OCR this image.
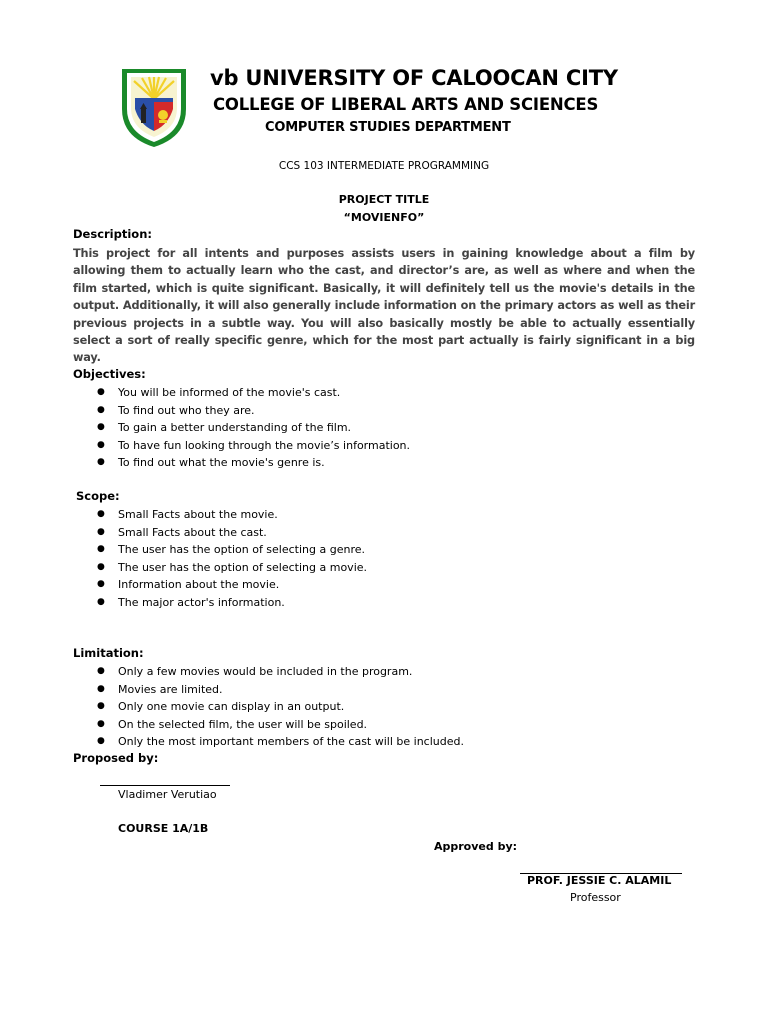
vb UNIVERSITY OF CALOOCAN CITY
COLLEGE OF LIBERAL ARTS AND SCIENCES
COMPUTER STUDIES DEPARTMENT
CCS 103 INTERMEDIATE PROGRAMMING
PROJECT TITLE
“MOVIENFO”
Description:

This project for all intents and purposes assists users in gaining knowledge about a film by allowing them to actually learn who the cast, and director’s are, as well as where and when the film started, which is quite significant. Basically, it will definitely tell us the movie's details in the output. Additionally, it will also generally include information on the primary actors as well as their previous projects in a subtle way. You will also basically mostly be able to actually essentially select a sort of really specific genre, which for the most part actually is fairly significant in a big way.

Objectives:
● You will be informed of the movie's cast.
● To find out who they are.
● To gain a better understanding of the film.
● To have fun looking through the movie’s information.
● To find out what the movie's genre is.
Scope:
● Small Facts about the movie.
● Small Facts about the cast.
● The user has the option of selecting a genre.
● The user has the option of selecting a movie.
● Information about the movie.
● The major actor's information.
Limitation:
● Only a few movies would be included in the program.
● Movies are limited.
● Only one movie can display in an output.
● On the selected film, the user will be spoiled.
● Only the most important members of the cast will be included.
Proposed by:
Vladimer Verutiao
COURSE 1A/1B
Approved by:
PROF. JESSIE C. ALAMIL
Professor
